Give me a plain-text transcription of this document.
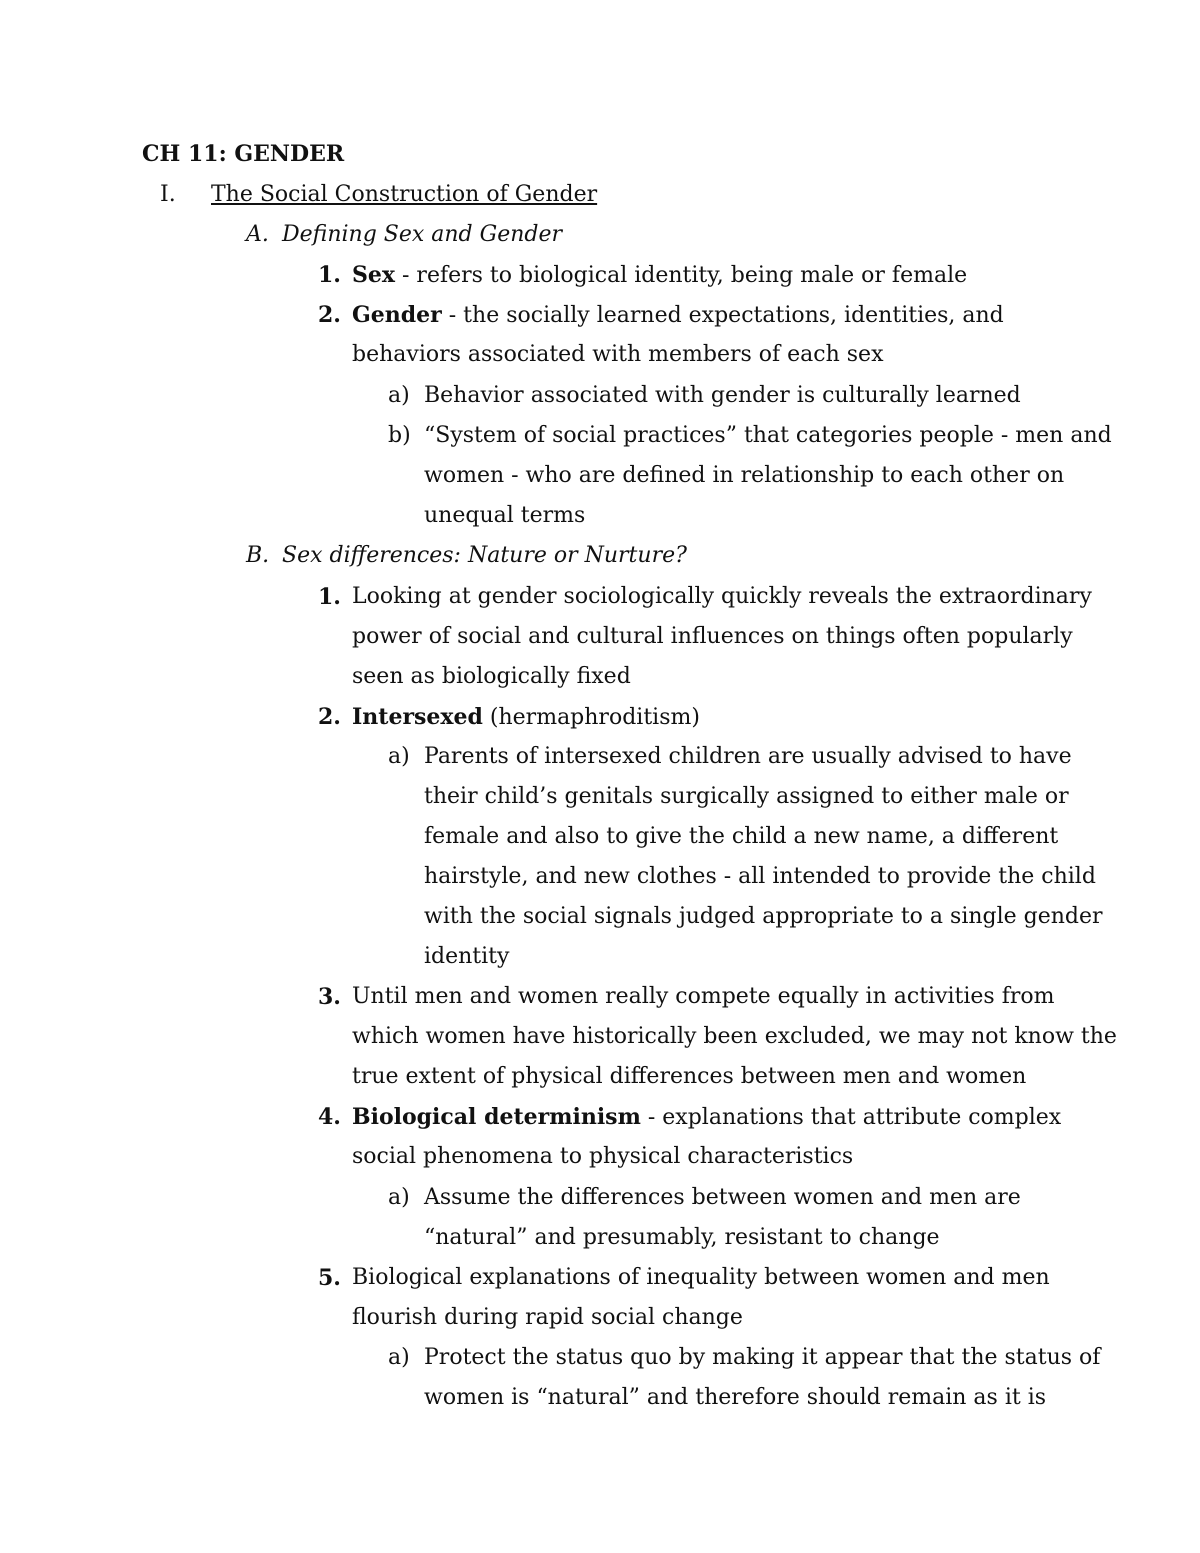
CH 11: GENDER
I. The Social Construction of Gender
A. Defining Sex and Gender
1. Sex - refers to biological identity, being male or female
2. Gender - the socially learned expectations, identities, and
behaviors associated with members of each sex
a) Behavior associated with gender is culturally learned
b) “System of social practices” that categories people - men and
women - who are defined in relationship to each other on
unequal terms
B. Sex differences: Nature or Nurture?
1. Looking at gender sociologically quickly reveals the extraordinary
power of social and cultural influences on things often popularly
seen as biologically fixed
2. Intersexed (hermaphroditism)
a) Parents of intersexed children are usually advised to have
their child’s genitals surgically assigned to either male or
female and also to give the child a new name, a different
hairstyle, and new clothes - all intended to provide the child
with the social signals judged appropriate to a single gender
identity
3. Until men and women really compete equally in activities from
which women have historically been excluded, we may not know the
true extent of physical differences between men and women
4. Biological determinism - explanations that attribute complex
social phenomena to physical characteristics
a) Assume the differences between women and men are
“natural” and presumably, resistant to change
5. Biological explanations of inequality between women and men
flourish during rapid social change
a) Protect the status quo by making it appear that the status of
women is “natural” and therefore should remain as it is
